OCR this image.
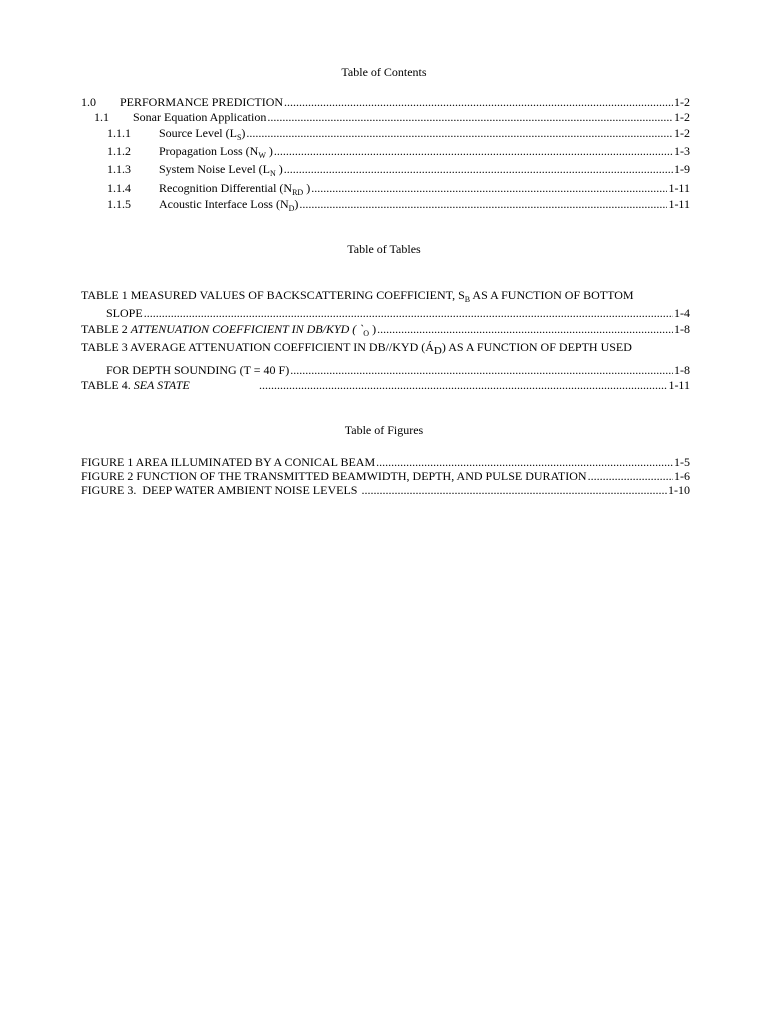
Table of Contents
1.0	PERFORMANCE PREDICTION .....	1-2
1.1	Sonar Equation Application .....	1-2
1.1.1	Source Level $(L_S)$ .....	1-2
1.1.2	Propagation Loss ($N_W$ ) .....	1-3
1.1.3	System Noise Level ($L_N$ ) .....	1-9
1.1.4	Recognition Differential ($N_{RD}$ ) .....	1-11
1.1.5	Acoustic Interface Loss $(N_D)$ .....	1-11
Table of Tables
TABLE 1 MEASURED VALUES OF BACKSCATTERING COEFFICIENT, $S_B$ AS A FUNCTION OF BOTTOM
SLOPE .....	1-4
TABLE 2 ATTENUATION COEFFICIENT IN DB/KYD ( $`_O$ ) .....	1-8
TABLE 3 AVERAGE ATTENUATION COEFFICIENT IN DB//KYD $(Á_D)$ AS A FUNCTION OF DEPTH USED
FOR DEPTH SOUNDING (T = 40 F) .....	1-8
TABLE 4. SEA STATE .....	1-11
Table of Figures
FIGURE 1 AREA ILLUMINATED BY A CONICAL BEAM .....	1-5
FIGURE 2 FUNCTION OF THE TRANSMITTED BEAMWIDTH, DEPTH, AND PULSE DURATION .....	1-6
FIGURE 3.  DEEP WATER AMBIENT NOISE LEVELS .....	1-10
